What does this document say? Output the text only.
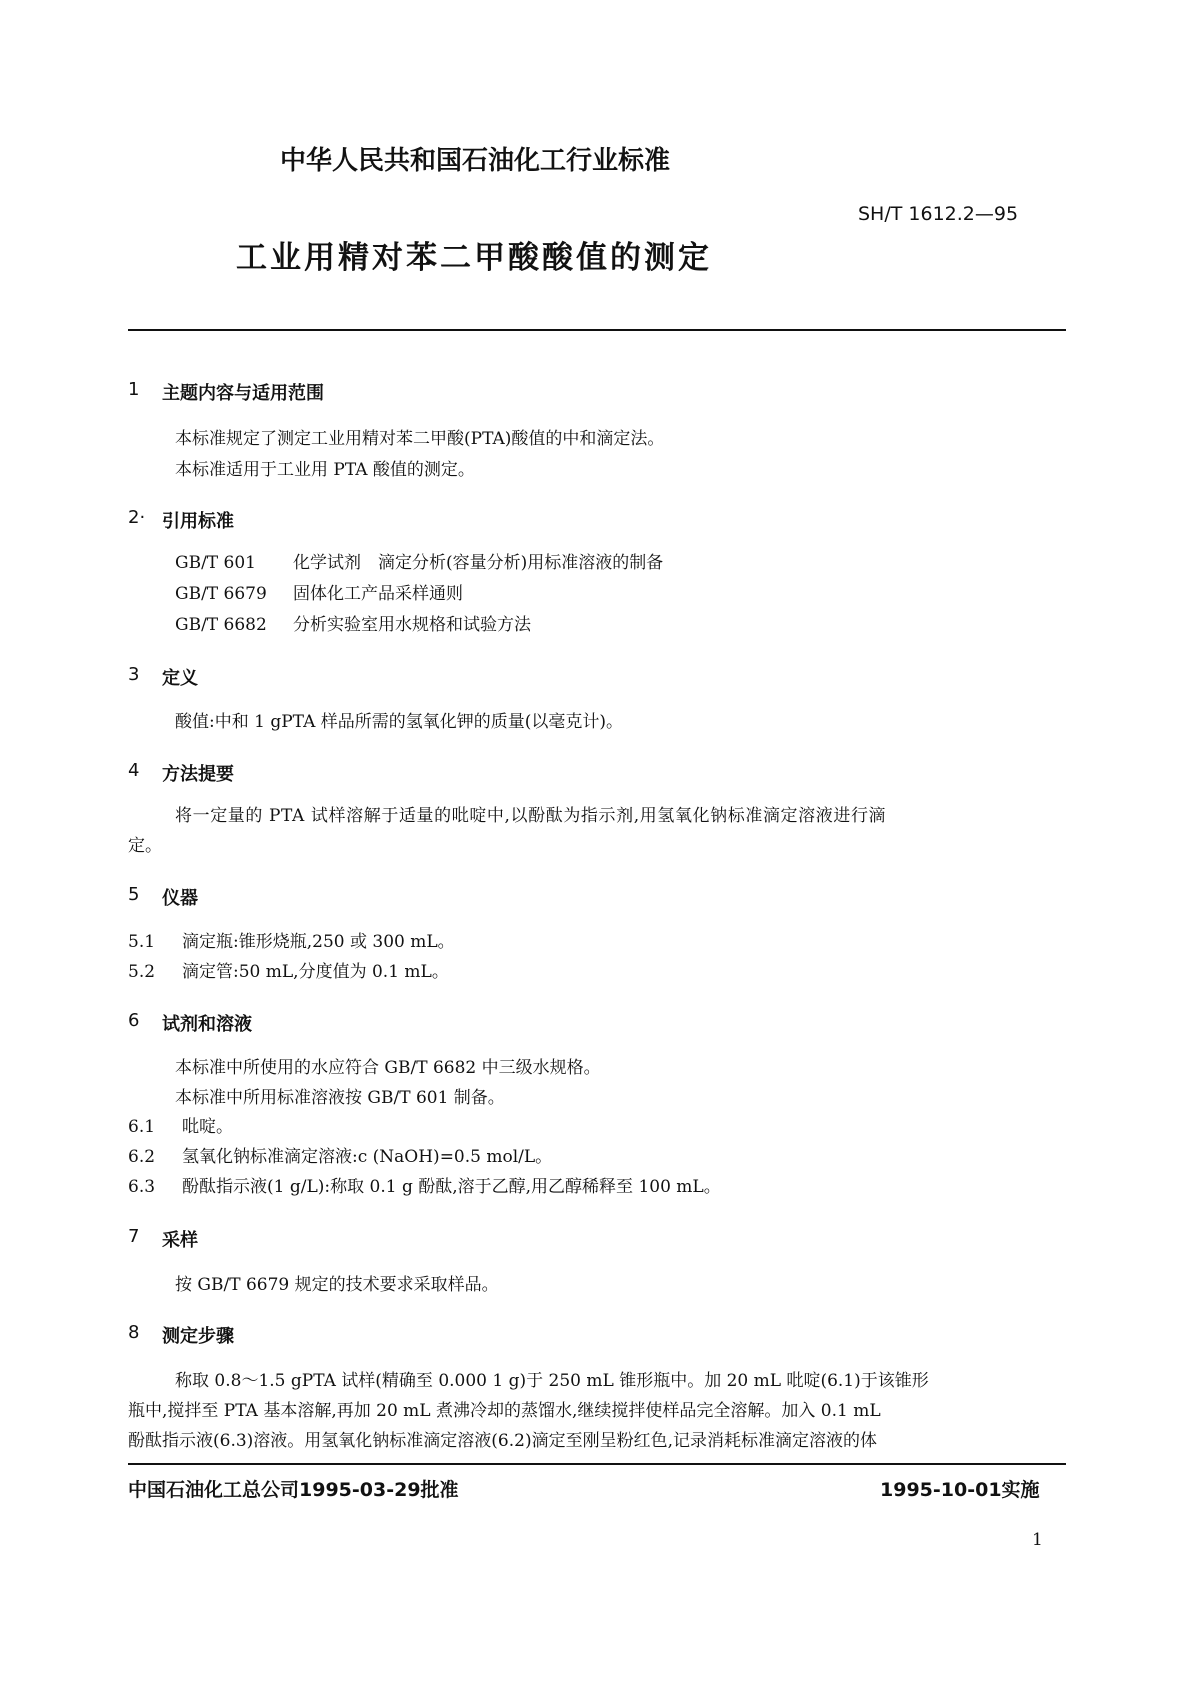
中华人民共和国石油化工行业标准
SH/T 1612.2—95
工业用精对苯二甲酸酸值的测定
1 主题内容与适用范围
本标准规定了测定工业用精对苯二甲酸(PTA)酸值的中和滴定法。
本标准适用于工业用 PTA 酸值的测定。
2· 引用标准
GB/T 601 化学试剂　滴定分析(容量分析)用标准溶液的制备
GB/T 6679 固体化工产品采样通则
GB/T 6682 分析实验室用水规格和试验方法
3 定义
酸值:中和 1 gPTA 样品所需的氢氧化钾的质量(以毫克计)。
4 方法提要
将一定量的 PTA 试样溶解于适量的吡啶中,以酚酞为指示剂,用氢氧化钠标准滴定溶液进行滴
定。
5 仪器
5.1 滴定瓶:锥形烧瓶,250 或 300 mL。
5.2 滴定管:50 mL,分度值为 0.1 mL。
6 试剂和溶液
本标准中所使用的水应符合 GB/T 6682 中三级水规格。
本标准中所用标准溶液按 GB/T 601 制备。
6.1 吡啶。
6.2 氢氧化钠标准滴定溶液:c (NaOH)=0.5 mol/L。
6.3 酚酞指示液(1 g/L):称取 0.1 g 酚酞,溶于乙醇,用乙醇稀释至 100 mL。
7 采样
按 GB/T 6679 规定的技术要求采取样品。
8 测定步骤
称取 0.8～1.5 gPTA 试样(精确至 0.000 1 g)于 250 mL 锥形瓶中。加 20 mL 吡啶(6.1)于该锥形
瓶中,搅拌至 PTA 基本溶解,再加 20 mL 煮沸冷却的蒸馏水,继续搅拌使样品完全溶解。加入 0.1 mL
酚酞指示液(6.3)溶液。用氢氧化钠标准滴定溶液(6.2)滴定至刚呈粉红色,记录消耗标准滴定溶液的体
中国石油化工总公司1995-03-29批准	1995-10-01实施
1
